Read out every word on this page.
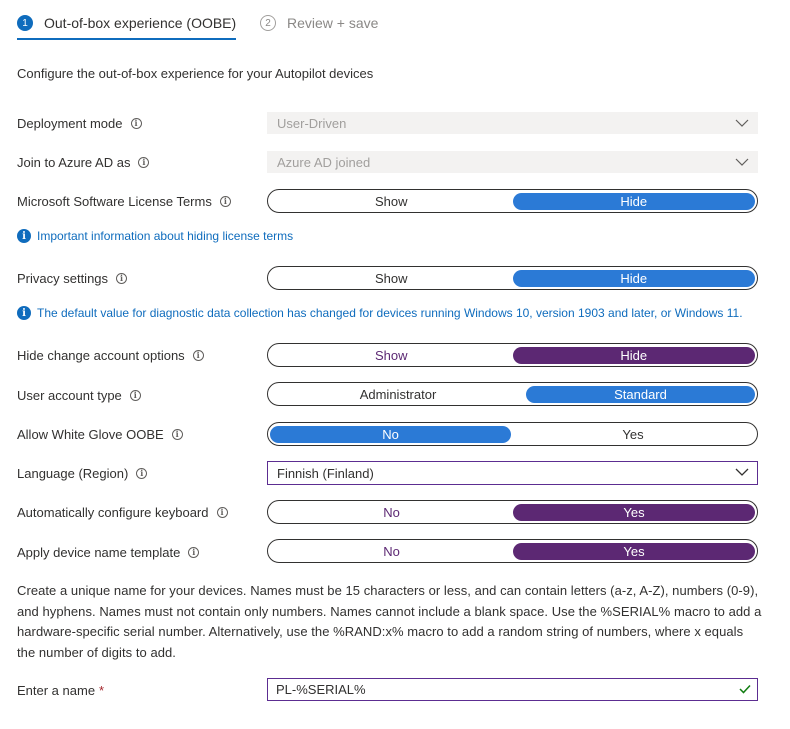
1	Out-of-box experience (OOBE)	2	Review + save
Configure the out-of-box experience for your Autopilot devices
Deployment mode	i	User-Driven
Join to Azure AD as	i	Azure AD joined
Microsoft Software License Terms	i	Show	Hide
i Important information about hiding license terms
Privacy settings	i	Show	Hide
i The default value for diagnostic data collection has changed for devices running Windows 10, version 1903 and later, or Windows 11.
Hide change account options	i	Show	Hide
User account type	i	Administrator	Standard
Allow White Glove OOBE	i	No	Yes
Language (Region)	i	Finnish (Finland)
Automatically configure keyboard	i	No	Yes
Apply device name template	i	No	Yes
Create a unique name for your devices. Names must be 15 characters or less, and can contain letters (a-z, A-Z), numbers (0-9), and hyphens. Names must not contain only numbers. Names cannot include a blank space. Use the %SERIAL% macro to add a hardware-specific serial number. Alternatively, use the %RAND:x% macro to add a random string of numbers, where x equals the number of digits to add.
Enter a name *	PL-%SERIAL%
